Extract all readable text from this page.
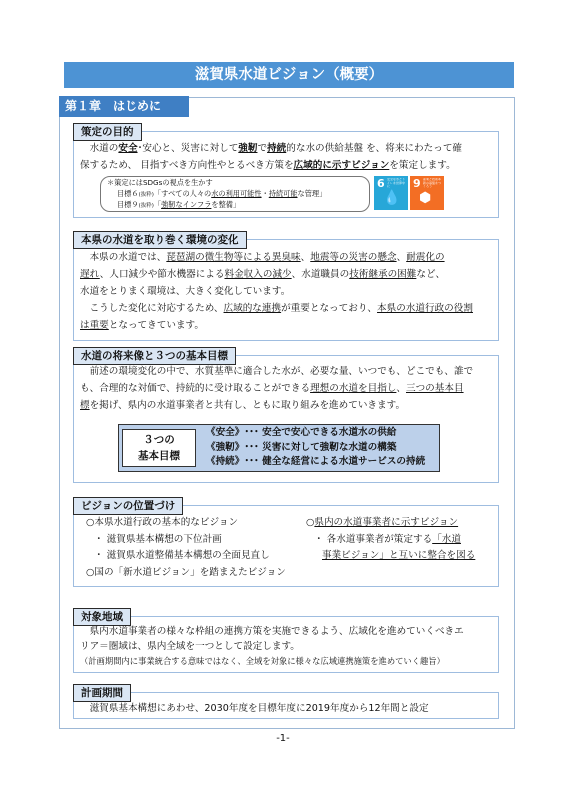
滋賀県水道ビジョン（概要）
第１章　はじめに
策定の目的
　水道の安全･安心と、災害に対して強靭で持続的な水の供給基盤 を、将来にわたって確
保するため、 目指すべき方向性やとるべき方策を広域的に示すビジョンを策定します。
＊策定にはSDGsの視点を生かす
目標６(抜粋)「すべての人々の水の利用可能性・持続可能な管理」
目標９(抜粋)「強靭なインフラを整備」
6
💧
安全な水とトイレを世界中に	9
⬢
産業と技術革新の基盤をつくろう
本県の水道を取り巻く環境の変化
　本県の水道では、琵琶湖の微生物等による異臭味、地震等の災害の懸念、耐震化の
遅れ、人口減少や節水機器による料金収入の減少、水道職員の技術継承の困難など、
水道をとりまく環境は、大きく変化しています。
　こうした変化に対応するため、広域的な連携が重要となっており、本県の水道行政の役割
は重要となってきています。
水道の将来像と３つの基本目標
　前述の環境変化の中で、水質基準に適合した水が、必要な量、いつでも、どこでも、誰で
も、合理的な対価で、持続的に受け取ることができる理想の水道を目指し、三つの基本目
標を掲げ、県内の水道事業者と共有し、ともに取り組みを進めていきます。
３つの
基本目標
《安全》･･･ 安全で安心できる水道水の供給
《強靭》･･･ 災害に対して強靭な水道の構築
《持続》･･･ 健全な経営による水道サービスの持続
ビジョンの位置づけ
○本県水道行政の基本的なビジョン
・ 滋賀県基本構想の下位計画
・ 滋賀県水道整備基本構想の全面見直し
○国の「新水道ビジョン」を踏まえたビジョン
○県内の水道事業者に示すビジョン
・ 各水道事業者が策定する「水道
事業ビジョン」と互いに整合を図る
対象地域
　県内水道事業者の様々な枠組の連携方策を実施できるよう、広域化を進めていくべきエ
リア＝圏域は、県内全域を一つとして設定します。
（計画期間内に事業統合する意味ではなく、全域を対象に様々な広域連携施策を進めていく趣旨）
計画期間
　滋賀県基本構想にあわせ、2030年度を目標年度に2019年度から12年間と設定
-1-
